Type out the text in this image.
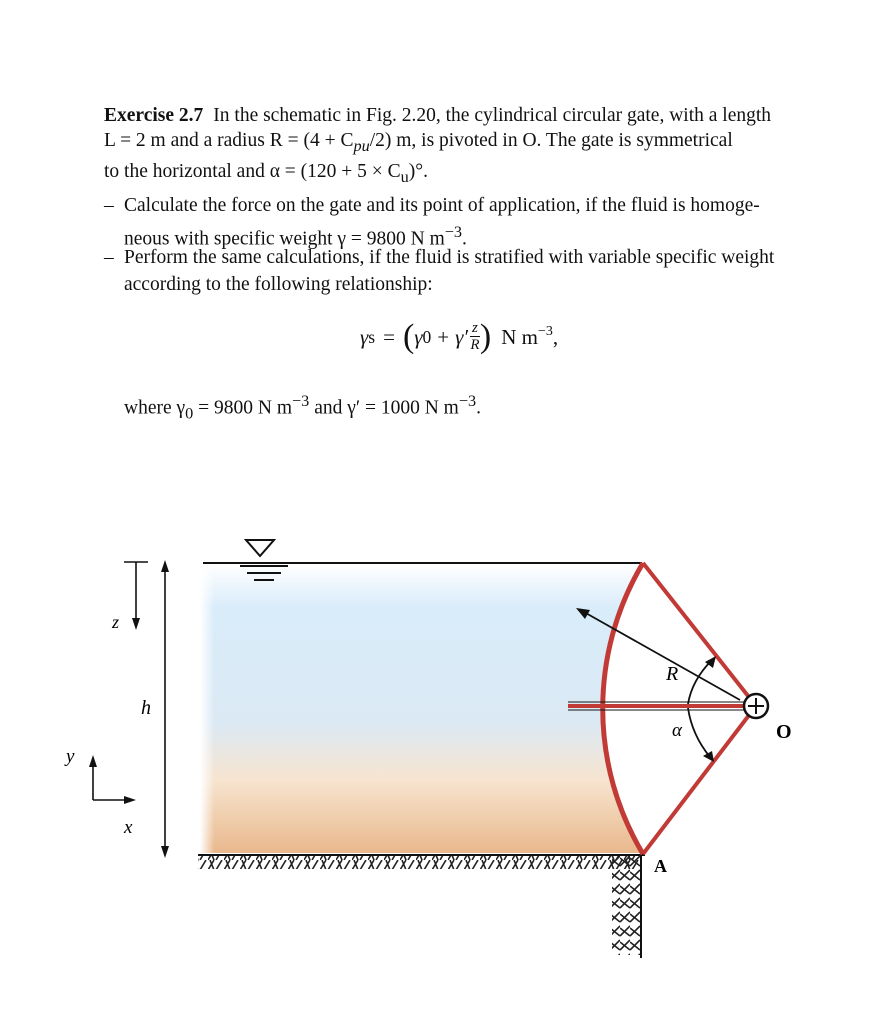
Exercise 2.7 In the schematic in Fig. 2.20, the cylindrical circular gate, with a length
L = 2 m and a radius $R = (4 + C_{pu}/2)$ m, is pivoted in O. The gate is symmetrical
to the horizontal and $\alpha = (120 + 5 \times C_u)^\circ$.
– Calculate the force on the gate and its point of application, if the fluid is homoge-
neous with specific weight γ = 9800 N $m^{-3}$.
– Perform the same calculations, if the fluid is stratified with variable specific weight
according to the following relationship:
γ s = ( γ 0 + γ′ z
R ) N $m^{-3}$ ,
where $\gamma_0 = 9800$ N $m^{-3}$ and γ′ = 1000 N $m^{-3}$.
z
h
y
x
R
α	O
A
